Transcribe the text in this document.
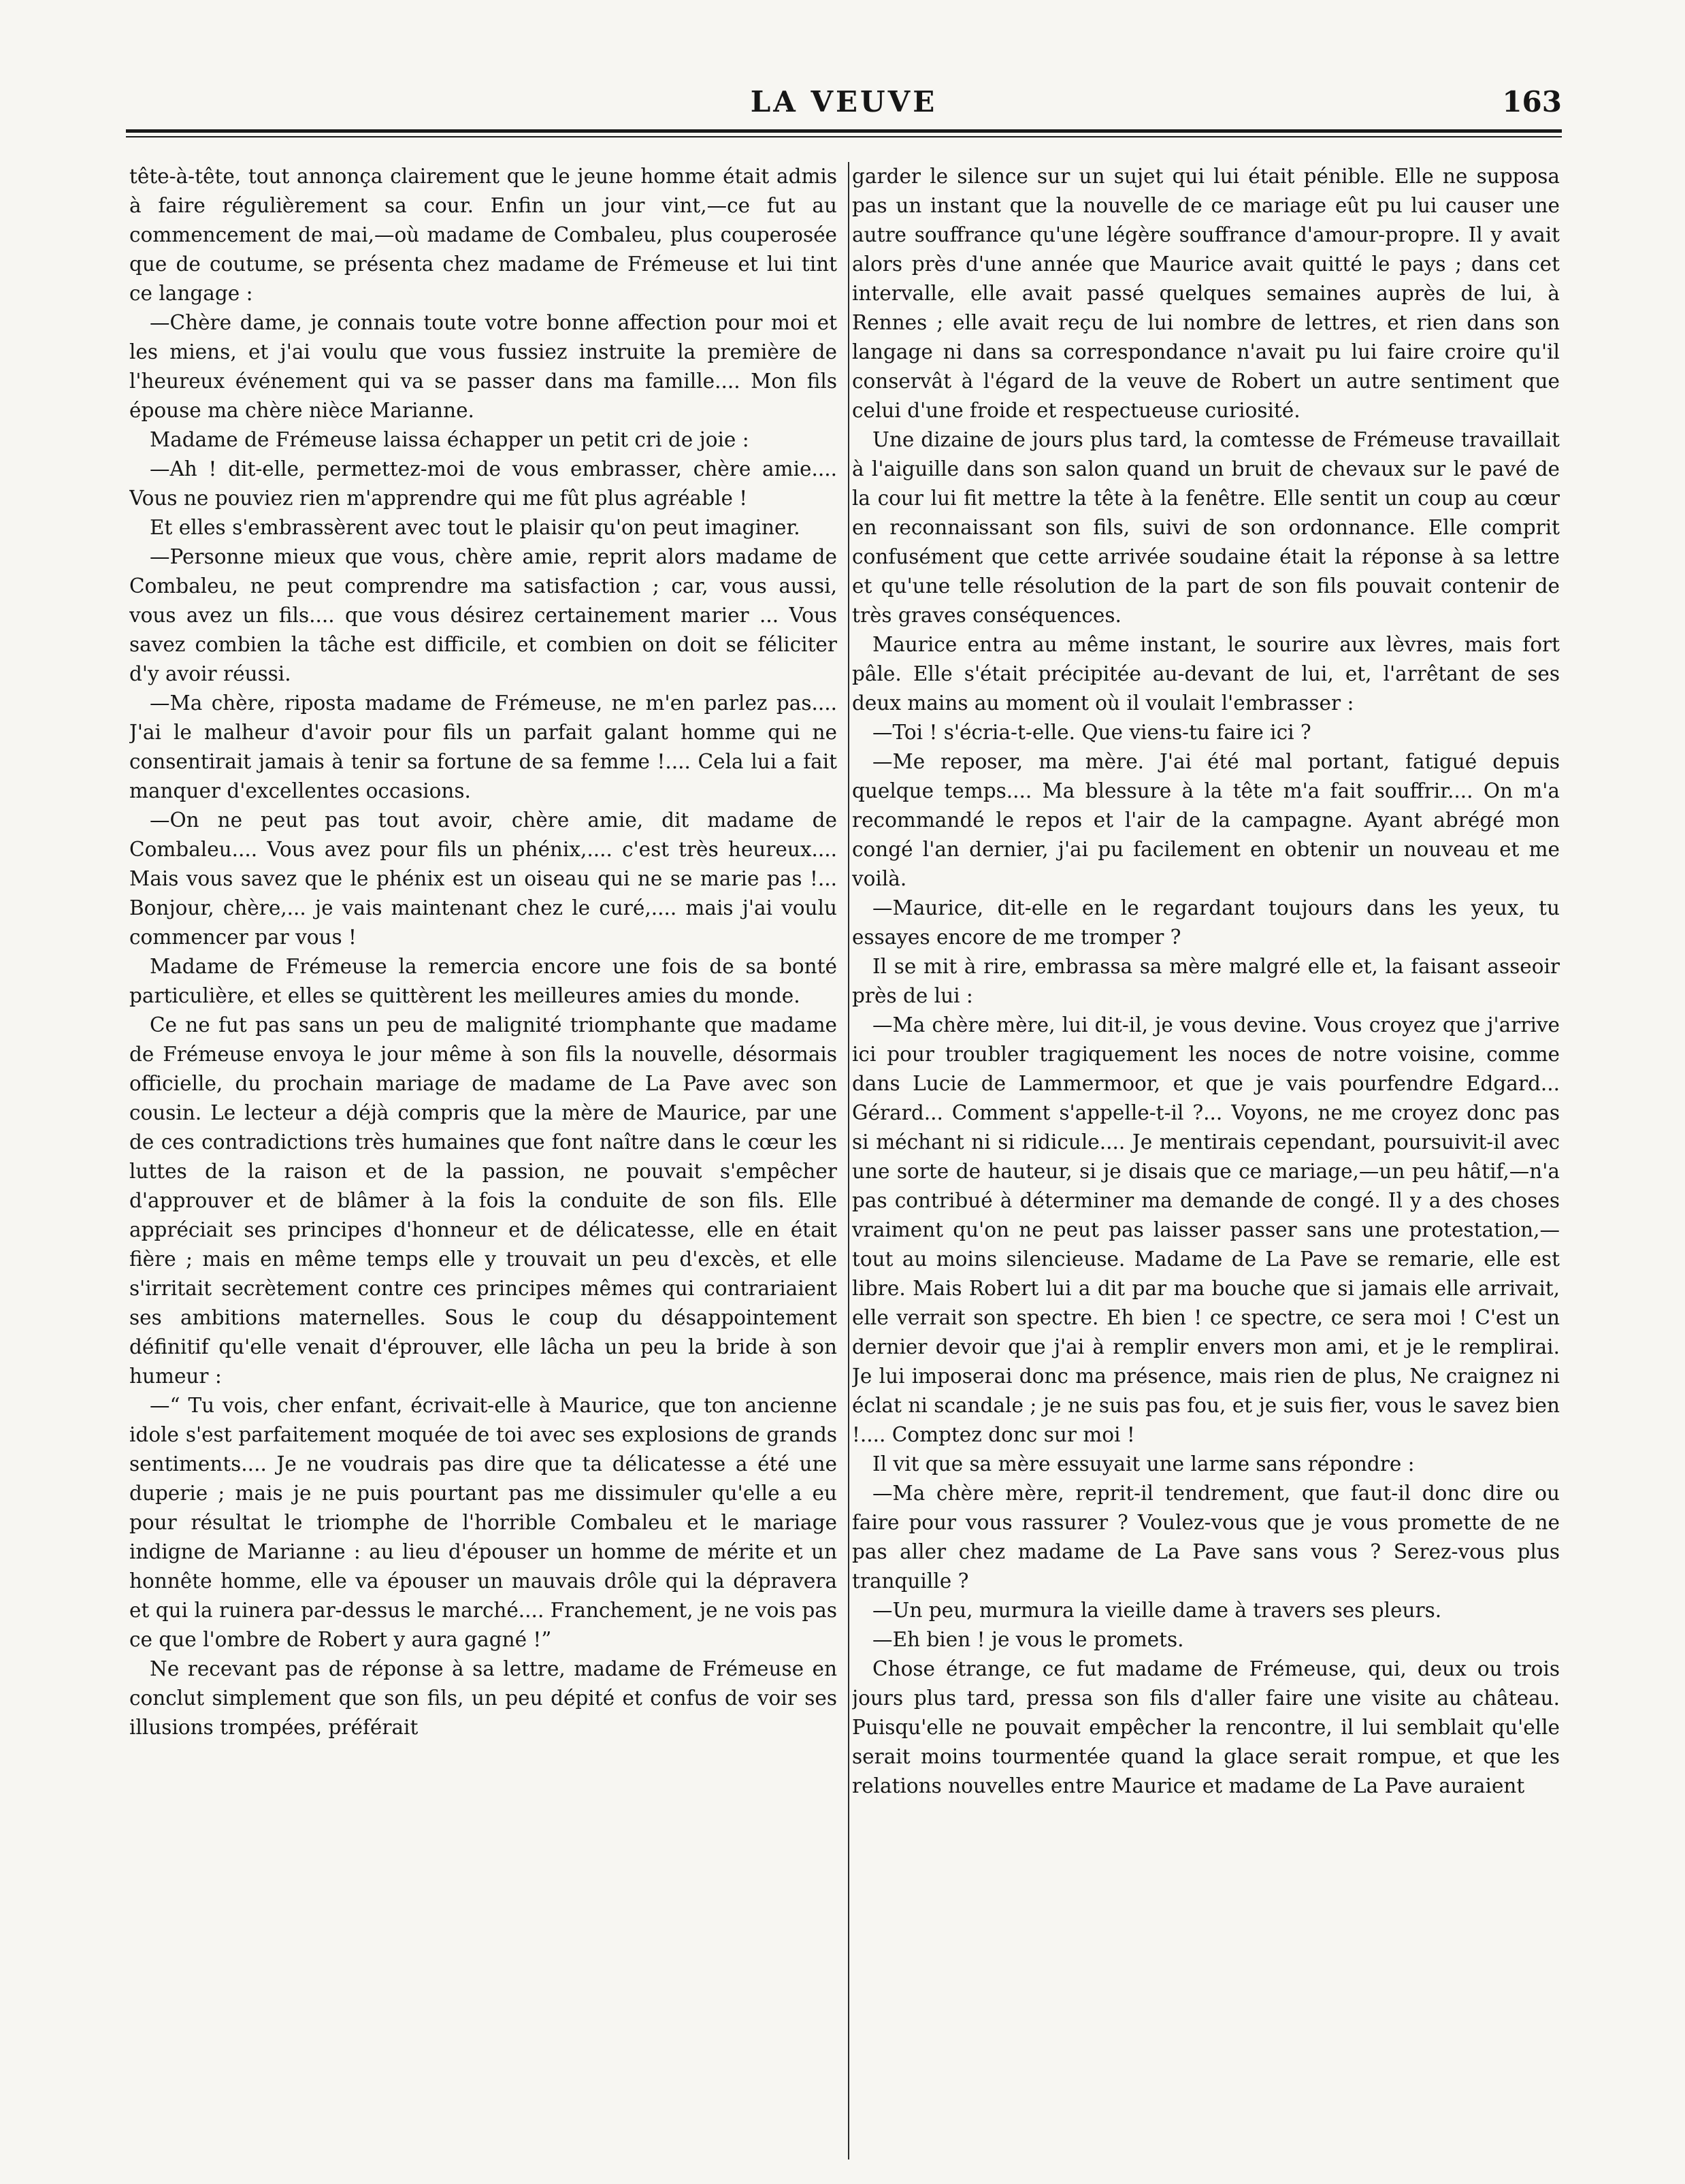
LA VEUVE	163

tête-à-tête, tout annonça clairement que le jeune homme était admis à faire régulièrement sa cour. Enfin un jour vint,—ce fut au commencement de mai,—où madame de Combaleu, plus couperosée que de coutume, se présenta chez madame de Frémeuse et lui tint ce langage :

—Chère dame, je connais toute votre bonne affection pour moi et les miens, et j'ai voulu que vous fussiez instruite la première de l'heureux événement qui va se passer dans ma famille.... Mon fils épouse ma chère nièce Marianne.

Madame de Frémeuse laissa échapper un petit cri de joie :

—Ah ! dit-elle, permettez-moi de vous embrasser, chère amie.... Vous ne pouviez rien m'apprendre qui me fût plus agréable !

Et elles s'embrassèrent avec tout le plaisir qu'on peut imaginer.

—Personne mieux que vous, chère amie, reprit alors madame de Combaleu, ne peut comprendre ma satisfaction ; car, vous aussi, vous avez un fils.... que vous désirez certainement marier ... Vous savez combien la tâche est difficile, et combien on doit se féliciter d'y avoir réussi.

—Ma chère, riposta madame de Frémeuse, ne m'en parlez pas.... J'ai le malheur d'avoir pour fils un parfait galant homme qui ne consentirait jamais à tenir sa fortune de sa femme !.... Cela lui a fait manquer d'excellentes occasions.

—On ne peut pas tout avoir, chère amie, dit madame de Combaleu.... Vous avez pour fils un phénix,.... c'est très heureux.... Mais vous savez que le phénix est un oiseau qui ne se marie pas !... Bonjour, chère,... je vais maintenant chez le curé,.... mais j'ai voulu commencer par vous !

Madame de Frémeuse la remercia encore une fois de sa bonté particulière, et elles se quittèrent les meilleures amies du monde.

Ce ne fut pas sans un peu de malignité triomphante que madame de Frémeuse envoya le jour même à son fils la nouvelle, désormais officielle, du prochain mariage de madame de La Pave avec son cousin. Le lecteur a déjà compris que la mère de Maurice, par une de ces contradictions très humaines que font naître dans le cœur les luttes de la raison et de la passion, ne pouvait s'empêcher d'approuver et de blâmer à la fois la conduite de son fils. Elle appréciait ses principes d'honneur et de délicatesse, elle en était fière ; mais en même temps elle y trouvait un peu d'excès, et elle s'irritait secrètement contre ces principes mêmes qui contrariaient ses ambitions maternelles. Sous le coup du désappointement définitif qu'elle venait d'éprouver, elle lâcha un peu la bride à son humeur :

—“ Tu vois, cher enfant, écrivait-elle à Maurice, que ton ancienne idole s'est parfaitement moquée de toi avec ses explosions de grands sentiments.... Je ne voudrais pas dire que ta délicatesse a été une duperie ; mais je ne puis pourtant pas me dissimuler qu'elle a eu pour résultat le triomphe de l'horrible Combaleu et le mariage indigne de Marianne : au lieu d'épouser un homme de mérite et un honnête homme, elle va épouser un mauvais drôle qui la dépravera et qui la ruinera par-dessus le marché.... Franchement, je ne vois pas ce que l'ombre de Robert y aura gagné !”

Ne recevant pas de réponse à sa lettre, madame de Frémeuse en conclut simplement que son fils, un peu dépité et confus de voir ses illusions trompées, préférait

garder le silence sur un sujet qui lui était pénible. Elle ne supposa pas un instant que la nouvelle de ce mariage eût pu lui causer une autre souffrance qu'une légère souffrance d'amour-propre. Il y avait alors près d'une année que Maurice avait quitté le pays ; dans cet intervalle, elle avait passé quelques semaines auprès de lui, à Rennes ; elle avait reçu de lui nombre de lettres, et rien dans son langage ni dans sa correspondance n'avait pu lui faire croire qu'il conservât à l'égard de la veuve de Robert un autre sentiment que celui d'une froide et respectueuse curiosité.

Une dizaine de jours plus tard, la comtesse de Frémeuse travaillait à l'aiguille dans son salon quand un bruit de chevaux sur le pavé de la cour lui fit mettre la tête à la fenêtre. Elle sentit un coup au cœur en reconnaissant son fils, suivi de son ordonnance. Elle comprit confusément que cette arrivée soudaine était la réponse à sa lettre et qu'une telle résolution de la part de son fils pouvait contenir de très graves conséquences.

Maurice entra au même instant, le sourire aux lèvres, mais fort pâle. Elle s'était précipitée au-devant de lui, et, l'arrêtant de ses deux mains au moment où il voulait l'embrasser :

—Toi ! s'écria-t-elle. Que viens-tu faire ici ?

—Me reposer, ma mère. J'ai été mal portant, fatigué depuis quelque temps.... Ma blessure à la tête m'a fait souffrir.... On m'a recommandé le repos et l'air de la campagne. Ayant abrégé mon congé l'an dernier, j'ai pu facilement en obtenir un nouveau et me voilà.

—Maurice, dit-elle en le regardant toujours dans les yeux, tu essayes encore de me tromper ?

Il se mit à rire, embrassa sa mère malgré elle et, la faisant asseoir près de lui :

—Ma chère mère, lui dit-il, je vous devine. Vous croyez que j'arrive ici pour troubler tragiquement les noces de notre voisine, comme dans Lucie de Lammermoor, et que je vais pourfendre Edgard... Gérard... Comment s'appelle-t-il ?... Voyons, ne me croyez donc pas si méchant ni si ridicule.... Je mentirais cependant, poursuivit-il avec une sorte de hauteur, si je disais que ce mariage,—un peu hâtif,—n'a pas contribué à déterminer ma demande de congé. Il y a des choses vraiment qu'on ne peut pas laisser passer sans une protestation,—tout au moins silencieuse. Madame de La Pave se remarie, elle est libre. Mais Robert lui a dit par ma bouche que si jamais elle arrivait, elle verrait son spectre. Eh bien ! ce spectre, ce sera moi ! C'est un dernier devoir que j'ai à remplir envers mon ami, et je le remplirai. Je lui imposerai donc ma présence, mais rien de plus, Ne craignez ni éclat ni scandale ; je ne suis pas fou, et je suis fier, vous le savez bien !.... Comptez donc sur moi !

Il vit que sa mère essuyait une larme sans répondre :

—Ma chère mère, reprit-il tendrement, que faut-il donc dire ou faire pour vous rassurer ? Voulez-vous que je vous promette de ne pas aller chez madame de La Pave sans vous ? Serez-vous plus tranquille ?

—Un peu, murmura la vieille dame à travers ses pleurs.

—Eh bien ! je vous le promets.

Chose étrange, ce fut madame de Frémeuse, qui, deux ou trois jours plus tard, pressa son fils d'aller faire une visite au château. Puisqu'elle ne pouvait empêcher la rencontre, il lui semblait qu'elle serait moins tourmentée quand la glace serait rompue, et que les relations nouvelles entre Maurice et madame de La Pave auraient
